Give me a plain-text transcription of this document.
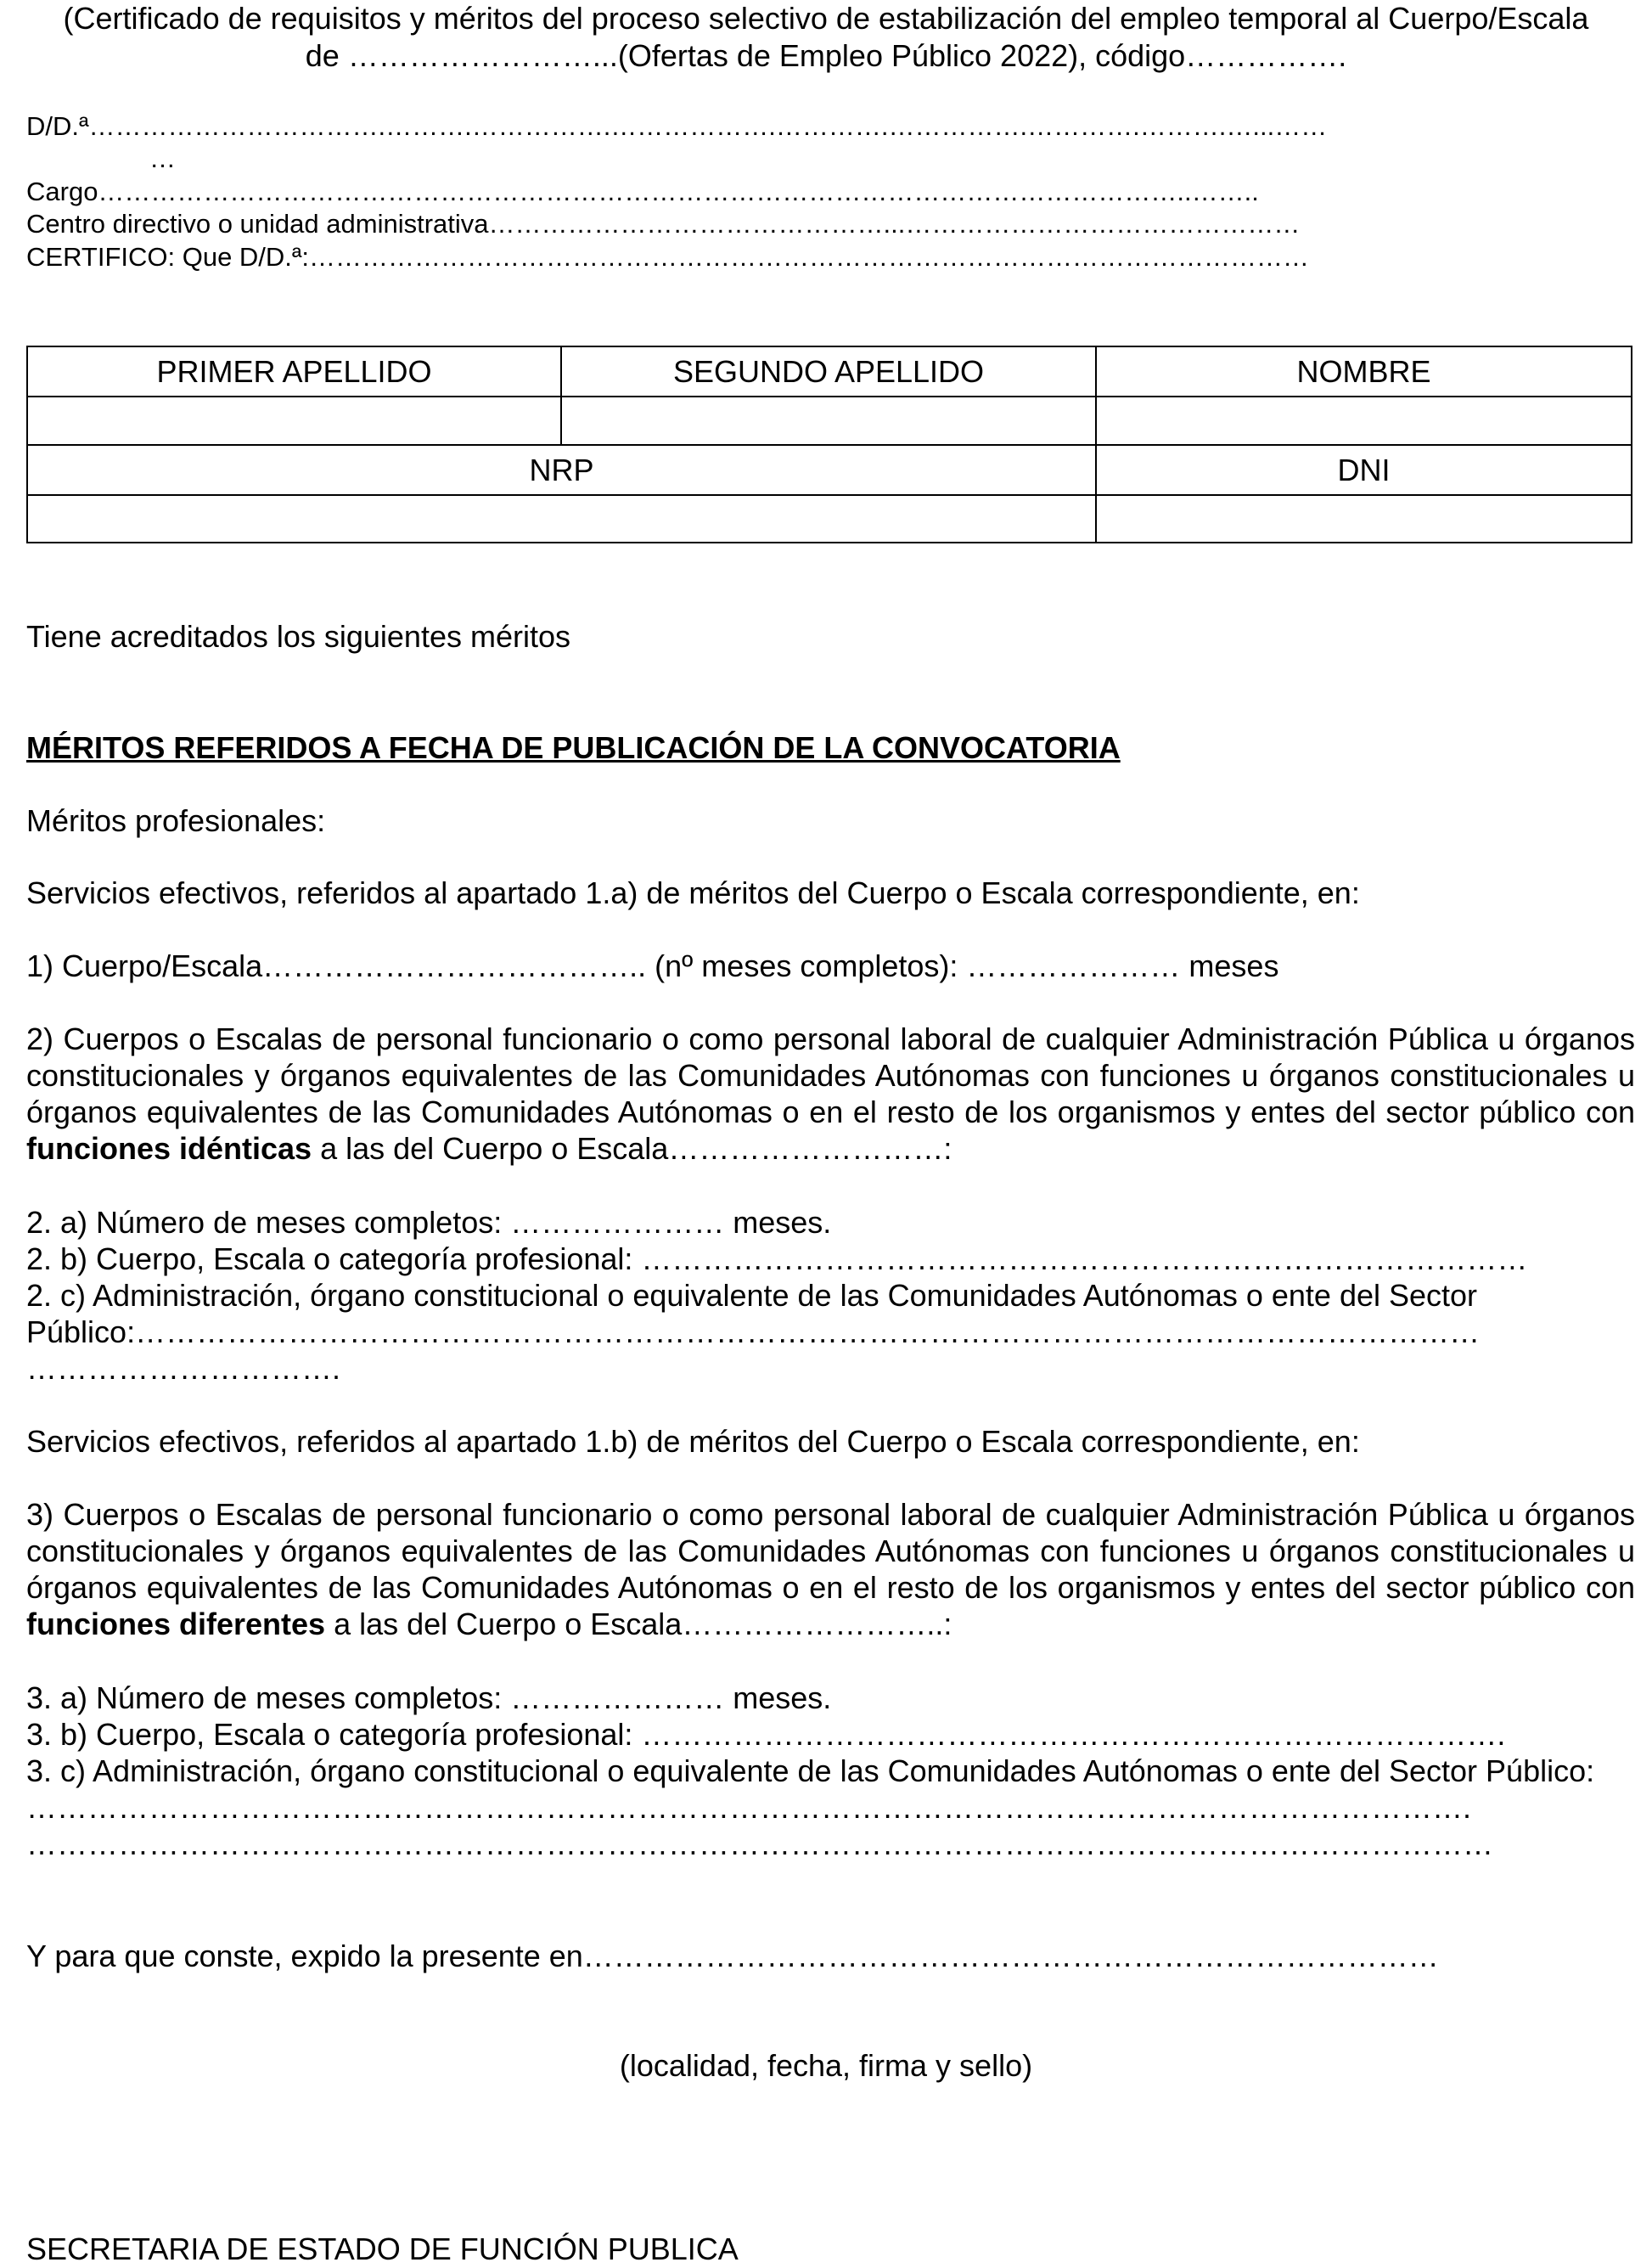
(Certificado de requisitos y méritos del proceso selectivo de estabilización del empleo temporal al Cuerpo/Escala
de ……………………...(Ofertas de Empleo Público 2022), código…………….
D/D.ª…………………………….……….…………….……………….………….…………….………….……….…...……
…
Cargo……………………………………………………………………………………………………………..……..
Centro directivo o unidad administrativa………………………………………...………………………………………
CERTIFICO: Que D/D.ª:……………………………………………………………………………………………………
PRIMER APELLIDO	SEGUNDO APELLIDO	NOMBRE

NRP		DNI

Tiene acreditados los siguientes méritos
MÉRITOS REFERIDOS A FECHA DE PUBLICACIÓN DE LA CONVOCATORIA
Méritos profesionales:
Servicios efectivos, referidos al apartado 1.a) de méritos del Cuerpo o Escala correspondiente, en:
1) Cuerpo/Escala……………………………….. (nº meses completos): ………………… meses
2) Cuerpos o Escalas de personal funcionario o como personal laboral de cualquier Administración Pública u órganos constitucionales y órganos equivalentes de las Comunidades Autónomas con funciones u órganos constitucionales u órganos equivalentes de las Comunidades Autónomas o en el resto de los organismos y entes del sector público con funciones idénticas a las del Cuerpo o Escala………………………:
2. a) Número de meses completos: ………………… meses.
2. b) Cuerpo, Escala o categoría profesional: ……………………………………………………………………………
2. c) Administración, órgano constitucional o equivalente de las Comunidades Autónomas o ente del Sector
Público:……………………………………………………………………………………………………………………
………………………….
Servicios efectivos, referidos al apartado 1.b) de méritos del Cuerpo o Escala correspondiente, en:
3) Cuerpos o Escalas de personal funcionario o como personal laboral de cualquier Administración Pública u órganos constitucionales y órganos equivalentes de las Comunidades Autónomas con funciones u órganos constitucionales u órganos equivalentes de las Comunidades Autónomas o en el resto de los organismos y entes del sector público con funciones diferentes a las del Cuerpo o Escala……………………..:
3. a) Número de meses completos: ………………… meses.
3. b) Cuerpo, Escala o categoría profesional: ………………………………………………………………………….
3. c) Administración, órgano constitucional o equivalente de las Comunidades Autónomas o ente del Sector Público:
…………………………………………………………………………………………………………………………….
………………………………………………………………………………………………………………………………
Y para que conste, expido la presente en…………………………………………………………………………
(localidad, fecha, firma y sello)
SECRETARIA DE ESTADO DE FUNCIÓN PUBLICA
